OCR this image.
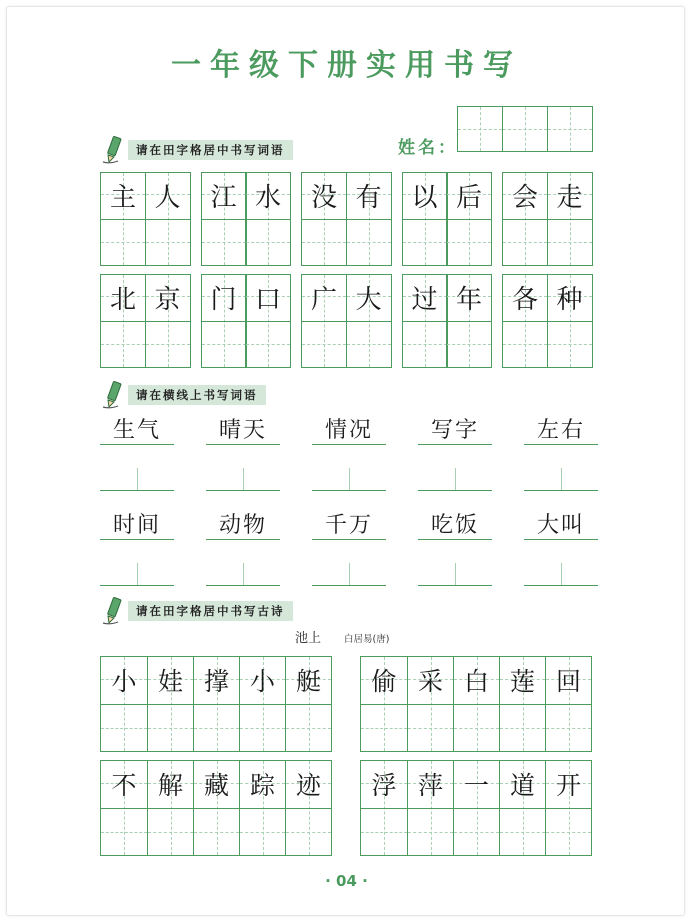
一年级下册实用书写
姓名：
请在田字格居中书写词语
主 人	江 水	没 有	以 后	会 走
北 京	门 口	广 大	过 年	各 种
请在横线上书写词语
生气	晴天	情况	写字	左右
时间	动物	千万	吃饭	大叫
请在田字格居中书写古诗
池上 白居易(唐)
小 娃 撑 小 艇	偷 采 白 莲 回
不 解 藏 踪 迹	浮 萍 一 道 开
· 04 ·
